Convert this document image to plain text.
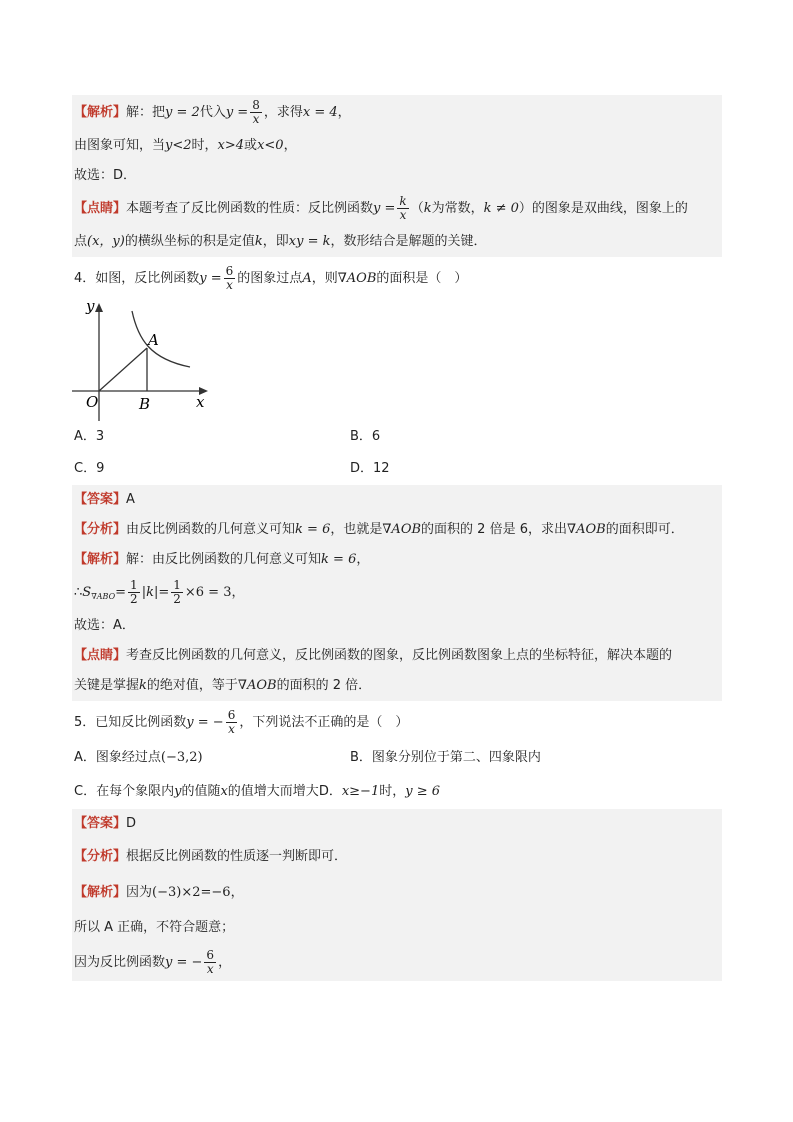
【解析】解：把y = 2代入$y = \frac{8}{x}$ ，求得x = 4，
由图象可知，当y<2时，x>4或x<0，
故选：D．
【点睛】本题考查了反比例函数的性质：反比例函数$y = \frac{k}{x} (k$为常数，k ≠ 0）的图象是双曲线，图象上的
点(x，y)的横纵坐标的积是定值k，即xy = k，数形结合是解题的关键．
4．如图，反比例函数$y = \frac{6}{x}$ 的图象过点A，则∇AOB的面积是（　）
y
x
O
A
B
A．3	B．6
C．9	D．12
【答案】A
【分析】由反比例函数的几何意义可知k = 6，也就是∇AOB的面积的 2 倍是 6，求出∇AOB的面积即可．
【解析】解：由反比例函数的几何意义可知k = 6，
$\therefore S_{\nabla ABO}= \frac{1}{2} |k|= \frac{1}{2} \times 6 = 3$，
故选：A．
【点睛】考查反比例函数的几何意义，反比例函数的图象，反比例函数图象上点的坐标特征，解决本题的
关键是掌握k的绝对值，等于∇AOB的面积的 2 倍．
5．已知反比例函数y = − $\frac{6}{x}$ ，下列说法不正确的是（　）
A．图象经过点(−3,2)	B．图象分别位于第二、四象限内
C．在每个象限内y的值随x的值增大而增大D．x≥−1时，y ≥ 6
【答案】D
【分析】根据反比例函数的性质逐一判断即可．
【解析】因为(−3)×2=−6，
所以 A 正确，不符合题意；
因为反比例函数y = − $\frac{6}{x}$ ，
